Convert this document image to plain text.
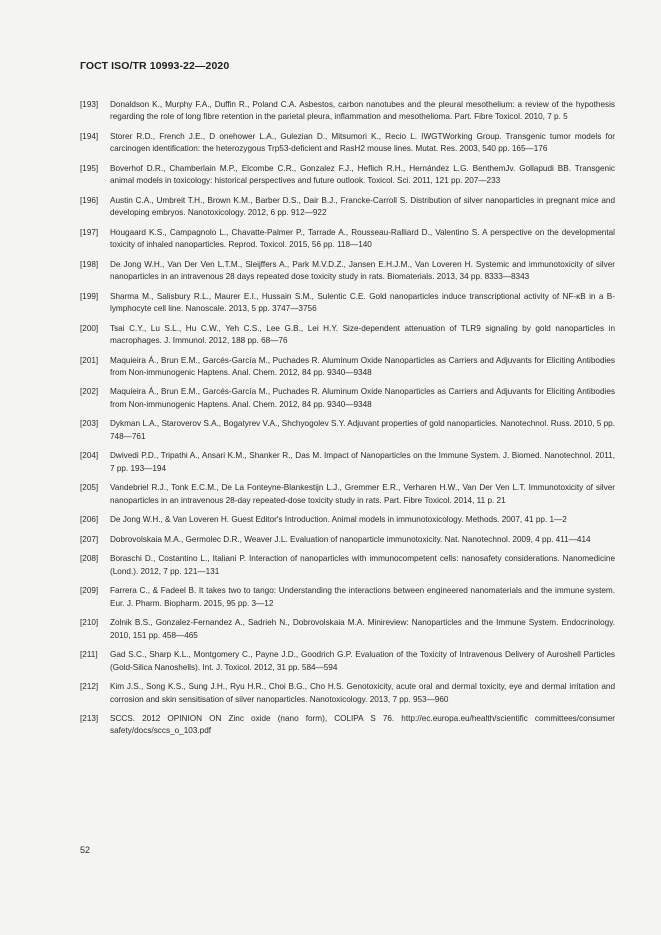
ГОСТ ISO/TR 10993-22—2020
[193]	Donaldson K., Murphy F.A., Duffin R., Poland C.A. Asbestos, carbon nanotubes and the pleural mesothelium: a review of the hypothesis regarding the role of long fibre retention in the parietal pleura, inflammation and mesothelioma. Part. Fibre Toxicol. 2010, 7 p. 5
[194]	Storer R.D., French J.E., D onehower L.A., Gulezian D., Mitsumori K., Recio L. IWGTWorking Group. Transgenic tumor models for carcinogen identification: the heterozygous Trp53-deficient and RasH2 mouse lines. Mutat. Res. 2003, 540 pp. 165—176
[195]	Boverhof D.R., Chamberlain M.P., Elcombe C.R., Gonzalez F.J., Heflich R.H., Hernández L.G. BenthemJv. Gollapudi BB. Transgenic animal models in toxicology: historical perspectives and future outlook. Toxicol. Sci. 2011, 121 pp. 207—233
[196]	Austin C.A., Umbreit T.H., Brown K.M., Barber D.S., Dair B.J., Francke-Carroll S. Distribution of silver nanoparticles in pregnant mice and developing embryos. Nanotoxicology. 2012, 6 pp. 912—922
[197]	Hougaard K.S., Campagnolo L., Chavatte-Palmer P., Tarrade A., Rousseau-Ralliard D., Valentino S. A perspective on the developmental toxicity of inhaled nanoparticles. Reprod. Toxicol. 2015, 56 pp. 118—140
[198]	De Jong W.H., Van Der Ven L.T.M., Sleijffers A., Park M.V.D.Z., Jansen E.H.J.M., Van Loveren H. Systemic and immunotoxicity of silver nanoparticles in an intravenous 28 days repeated dose toxicity study in rats. Biomaterials. 2013, 34 pp. 8333—8343
[199]	Sharma M., Salisbury R.L., Maurer E.I., Hussain S.M., Sulentic C.E. Gold nanoparticles induce transcriptional activity of NF-κB in a B-lymphocyte cell line. Nanoscale. 2013, 5 pp. 3747—3756
[200]	Tsai C.Y., Lu S.L., Hu C.W., Yeh C.S., Lee G.B., Lei H.Y. Size-dependent attenuation of TLR9 signaling by gold nanoparticles in macrophages. J. Immunol. 2012, 188 pp. 68—76
[201]	Maquieira Á., Brun E.M., Garcés-García M., Puchades R. Aluminum Oxide Nanoparticles as Carriers and Adjuvants for Eliciting Antibodies from Non-immunogenic Haptens. Anal. Chem. 2012, 84 pp. 9340—9348
[202]	Maquieira Á., Brun E.M., Garcés-García M., Puchades R. Aluminum Oxide Nanoparticles as Carriers and Adjuvants for Eliciting Antibodies from Non-immunogenic Haptens. Anal. Chem. 2012, 84 pp. 9340—9348
[203]	Dykman L.A., Staroverov S.A., Bogatyrev V.A., Shchyogolev S.Y. Adjuvant properties of gold nanoparticles. Nanotechnol. Russ. 2010, 5 pp. 748—761
[204]	Dwivedi P.D., Tripathi A., Ansari K.M., Shanker R., Das M. Impact of Nanoparticles on the Immune System. J. Biomed. Nanotechnol. 2011, 7 pp. 193—194
[205]	Vandebriel R.J., Tonk E.C.M., De La Fonteyne-Blankestijn L.J., Gremmer E.R., Verharen H.W., Van Der Ven L.T. Immunotoxicity of silver nanoparticles in an intravenous 28-day repeated-dose toxicity study in rats. Part. Fibre Toxicol. 2014, 11 p. 21
[206]	De Jong W.H., & Van Loveren H. Guest Editor's Introduction. Animal models in immunotoxicology. Methods. 2007, 41 pp. 1—2
[207]	Dobrovolskaia M.A., Germolec D.R., Weaver J.L. Evaluation of nanoparticle immunotoxicity. Nat. Nanotechnol. 2009, 4 pp. 411—414
[208]	Boraschi D., Costantino L., Italiani P. Interaction of nanoparticles with immunocompetent cells: nanosafety considerations. Nanomedicine (Lond.). 2012, 7 pp. 121—131
[209]	Farrera C., & Fadeel B. It takes two to tango: Understanding the interactions between engineered nanomaterials and the immune system. Eur. J. Pharm. Biopharm. 2015, 95 pp. 3—12
[210]	Zolnik B.S., Gonzalez-Fernandez A., Sadrieh N., Dobrovolskaia M.A. Minireview: Nanoparticles and the Immune System. Endocrinology. 2010, 151 pp. 458—465
[211]	Gad S.C., Sharp K.L., Montgomery C., Payne J.D., Goodrich G.P. Evaluation of the Toxicity of Intravenous Delivery of Auroshell Particles (Gold-Silica Nanoshells). Int. J. Toxicol. 2012, 31 pp. 584—594
[212]	Kim J.S., Song K.S., Sung J.H., Ryu H.R., Choi B.G., Cho H.S. Genotoxicity, acute oral and dermal toxicity, eye and dermal irritation and corrosion and skin sensitisation of silver nanoparticles. Nanotoxicology. 2013, 7 pp. 953—960
[213]	SCCS. 2012 OPINION ON Zinc oxide (nano form), COLIPA S 76. http://ec.europa.eu/health/scientific committees/consumer safety/docs/sccs_o_103.pdf
52
